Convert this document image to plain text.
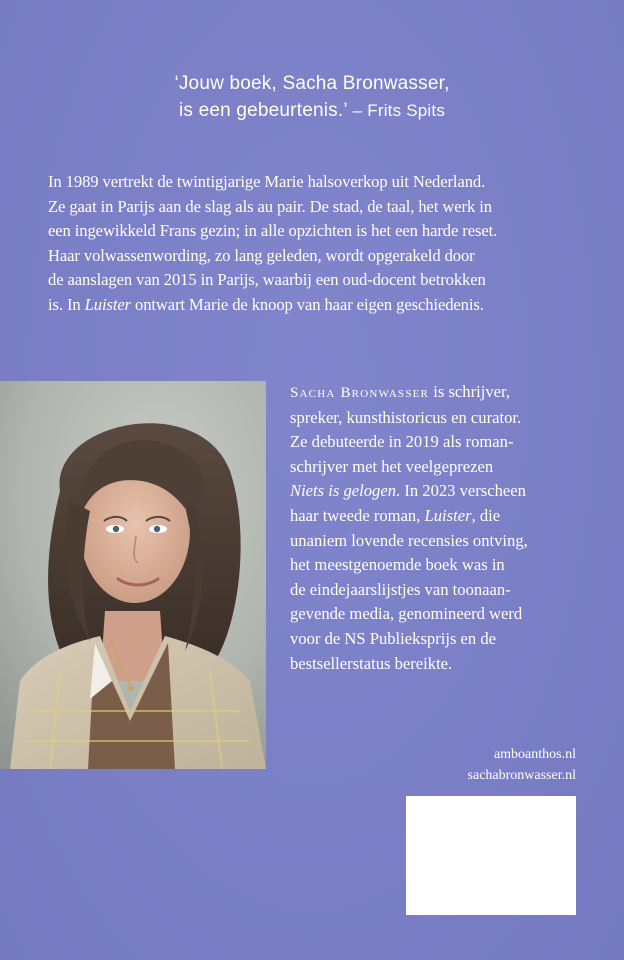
‘Jouw boek, Sacha Bronwasser,
is een gebeurtenis.’ – Frits Spits
In 1989 vertrekt de twintigjarige Marie halsoverkop uit Nederland.
Ze gaat in Parijs aan de slag als au pair. De stad, de taal, het werk in
een ingewikkeld Frans gezin; in alle opzichten is het een harde reset.
Haar volwassenwording, zo lang geleden, wordt opgerakeld door
de aanslagen van 2015 in Parijs, waarbij een oud-docent betrokken
is. In Luister ontwart Marie de knoop van haar eigen geschiedenis.
Sacha Bronwasser is schrijver,
spreker, kunsthistoricus en curator.
Ze debuteerde in 2019 als roman-
schrijver met het veelgeprezen
Niets is gelogen. In 2023 verscheen
haar tweede roman, Luister, die
unaniem lovende recensies ontving,
het meestgenoemde boek was in
de eindejaarslijstjes van toonaan-
gevende media, genomineerd werd
voor de NS Publieksprijs en de
bestsellerstatus bereikte.
amboanthos.nl
sachabronwasser.nl
